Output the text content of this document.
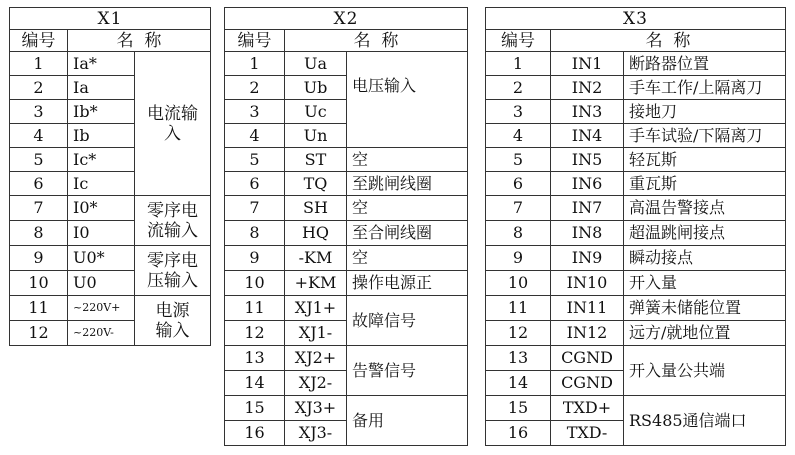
X1		
编号	名  称	
1	Ia*	电流输入
2	Ia	
3	Ib*	
4	Ib	
5	Ic*	
6	Ic	
7	I0*	零序电流输入
8	I0	
9	U0*	零序电压输入
10	U0	
11	~220V+	电源输入
12	~220V-	
X2		
编号	名  称	
1	Ua	电压输入
2	Ub	
3	Uc	
4	Un	
5	ST	空
6	TQ	至跳闸线圈
7	SH	空
8	HQ	至合闸线圈
9	-KM	空
10	+KM	操作电源正
11	XJ1+	故障信号
12	XJ1-	
13	XJ2+	告警信号
14	XJ2-	
15	XJ3+	备用
16	XJ3-	
X3		
编号	名  称	
1	IN1	断路器位置
2	IN2	手车工作/上隔离刀
3	IN3	接地刀
4	IN4	手车试验/下隔离刀
5	IN5	轻瓦斯
6	IN6	重瓦斯
7	IN7	高温告警接点
8	IN8	超温跳闸接点
9	IN9	瞬动接点
10	IN10	开入量
11	IN11	弹簧未储能位置
12	IN12	远方/就地位置
13	CGND	开入量公共端
14	CGND	
15	TXD+	RS485通信端口
16	TXD-	
